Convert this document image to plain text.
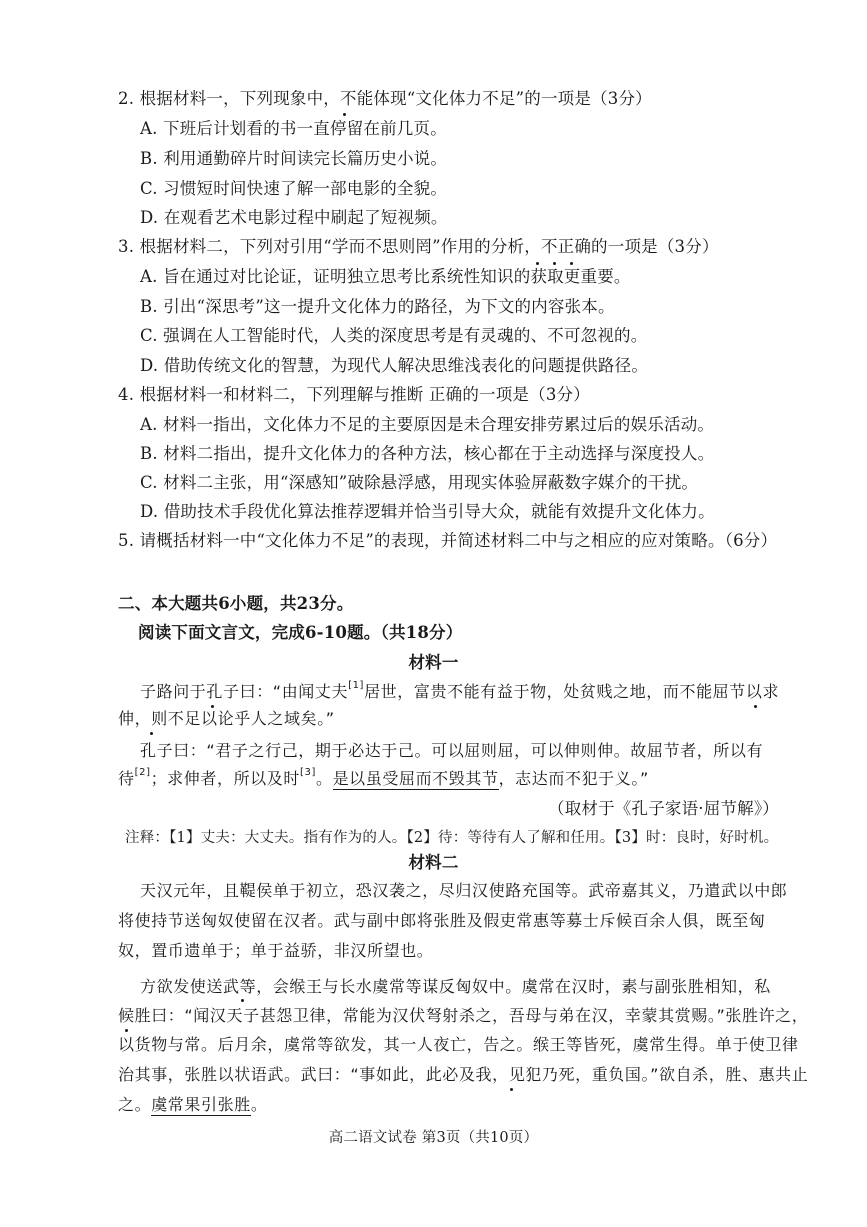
2. 根据材料一，下列现象中，不能体现“文化体力不足”的一项是（3分）
A. 下班后计划看的书一直停留在前几页。
B. 利用通勤碎片时间读完长篇历史小说。
C. 习惯短时间快速了解一部电影的全貌。
D. 在观看艺术电影过程中刷起了短视频。
3. 根据材料二，下列对引用“学而不思则罔”作用的分析，不正确的一项是（3分）
A. 旨在通过对比论证，证明独立思考比系统性知识的获取更重要。
B. 引出“深思考”这一提升文化体力的路径，为下文的内容张本。
C. 强调在人工智能时代，人类的深度思考是有灵魂的、不可忽视的。
D. 借助传统文化的智慧，为现代人解决思维浅表化的问题提供路径。
4. 根据材料一和材料二，下列理解与推断 正确的一项是（3分）
A. 材料一指出，文化体力不足的主要原因是未合理安排劳累过后的娱乐活动。
B. 材料二指出，提升文化体力的各种方法，核心都在于主动选择与深度投人。
C. 材料二主张，用“深感知”破除悬浮感，用现实体验屏蔽数字媒介的干扰。
D. 借助技术手段优化算法推荐逻辑并恰当引导大众，就能有效提升文化体力。
5. 请概括材料一中“文化体力不足”的表现，并简述材料二中与之相应的应对策略。（6分）
二、本大题共6小题，共23分。
阅读下面文言文，完成6-10题。（共18分）
材料一
子路问于孔子曰：“由闻丈夫[1]居世，富贵不能有益于物，处贫贱之地，而不能屈节以求
伸，则不足以论乎人之域矣。”
孔子曰：“君子之行己，期于必达于己。可以屈则屈，可以伸则伸。故屈节者，所以有
待[2]；求伸者，所以及时[3]。是以虽受屈而不毁其节，志达而不犯于义。”
（取材于《孔子家语·屈节解》）
注释：【1】丈夫：大丈夫。指有作为的人。【2】待：等待有人了解和任用。【3】时：良时，好时机。
材料二
天汉元年，且鞮侯单于初立，恐汉袭之，尽归汉使路充国等。武帝嘉其义，乃遣武以中郎
将使持节送匈奴使留在汉者。武与副中郎将张胜及假吏常惠等募士斥候百余人俱，既至匈
奴，置币遗单于；单于益骄，非汉所望也。
方欲发使送武等，会缑王与长水虞常等谋反匈奴中。虞常在汉时，素与副张胜相知，私
候胜曰：“闻汉天子甚怨卫律，常能为汉伏弩射杀之，吾母与弟在汉，幸蒙其赏赐。”张胜许之，
以货物与常。后月余，虞常等欲发，其一人夜亡，告之。缑王等皆死，虞常生得。单于使卫律
治其事，张胜以状语武。武曰：“事如此，此必及我，见犯乃死，重负国。”欲自杀，胜、惠共止
之。虞常果引张胜。
高二语文试卷 第3页（共10页）
